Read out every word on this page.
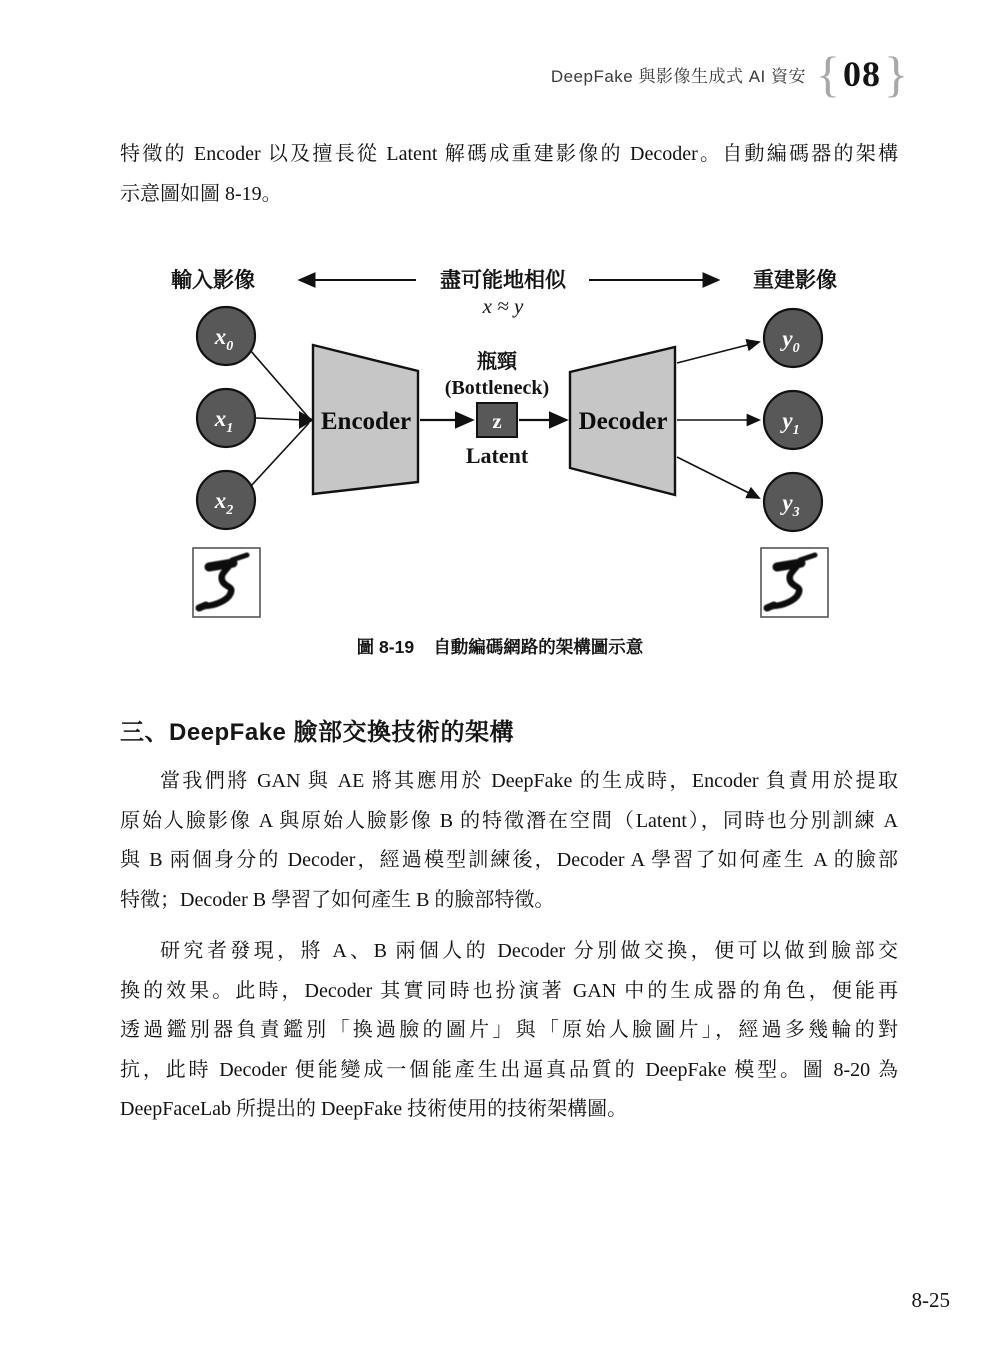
DeepFake 與影像生成式 AI 資安 { 08 }
特徵的 Encoder 以及擅長從 Latent 解碼成重建影像的 Decoder。自動編碼器的架構
示意圖如圖 8-19。
輸入影像	盡可能地相似	重建影像
x ≈ y
Encoder
瓶頸
(Bottleneck)
z
Latent
Decoder
x0
x1
x2
y0
y1
y3
圖 8-19 自動編碼網路的架構圖示意
三、DeepFake 臉部交換技術的架構
當我們將 GAN 與 AE 將其應用於 DeepFake 的生成時，Encoder 負責用於提取
原始人臉影像 A 與原始人臉影像 B 的特徵潛在空間（Latent），同時也分別訓練 A
與 B 兩個身分的 Decoder，經過模型訓練後，Decoder A 學習了如何產生 A 的臉部
特徵；Decoder B 學習了如何產生 B 的臉部特徵。
研究者發現，將 A、B 兩個人的 Decoder 分別做交換，便可以做到臉部交
換的效果。此時，Decoder 其實同時也扮演著 GAN 中的生成器的角色，便能再
透過鑑別器負責鑑別「換過臉的圖片」與「原始人臉圖片」，經過多幾輪的對
抗，此時 Decoder 便能變成一個能產生出逼真品質的 DeepFake 模型。圖 8-20 為
DeepFaceLab 所提出的 DeepFake 技術使用的技術架構圖。
8-25
